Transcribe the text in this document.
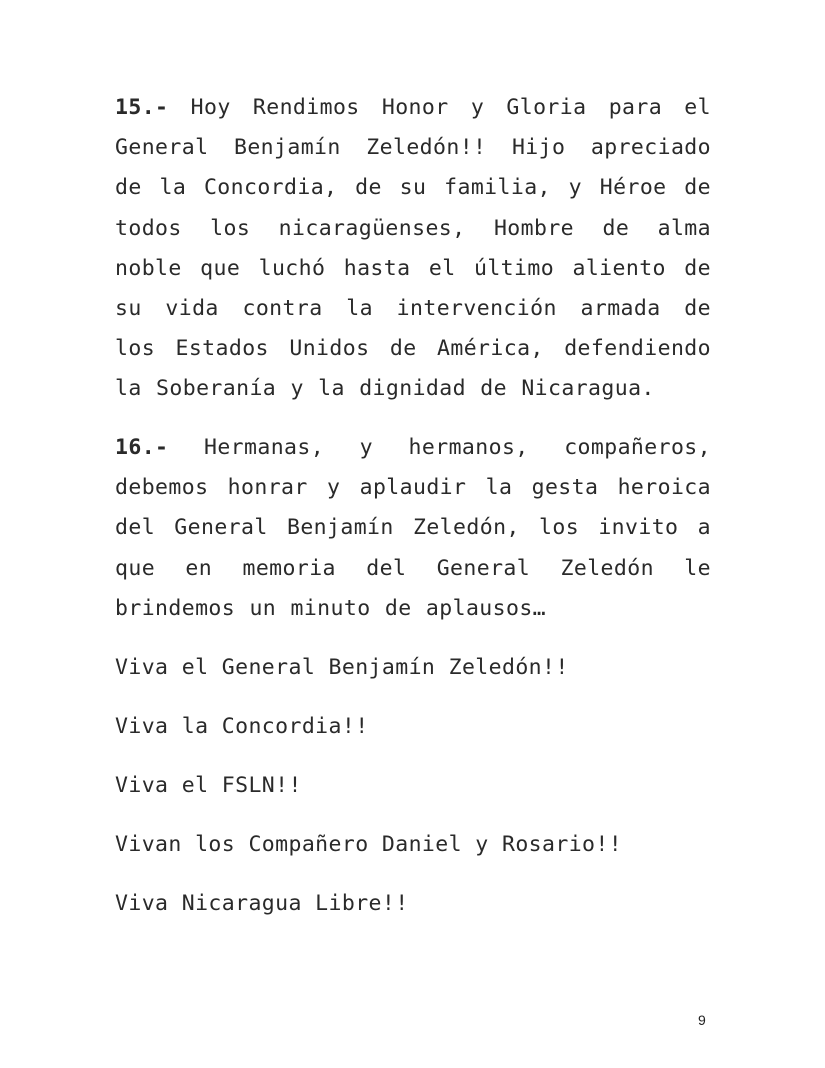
15.- Hoy Rendimos Honor y Gloria para el
General Benjamín Zeledón!! Hijo apreciado
de la Concordia, de su familia, y Héroe de
todos los nicaragüenses, Hombre de alma
noble que luchó hasta el último aliento de
su vida contra la intervención armada de
los Estados Unidos de América, defendiendo
la Soberanía y la dignidad de Nicaragua.
16.- Hermanas, y hermanos, compañeros,
debemos honrar y aplaudir la gesta heroica
del General Benjamín Zeledón, los invito a
que en memoria del General Zeledón le
brindemos un minuto de aplausos…
Viva el General Benjamín Zeledón!!
Viva la Concordia!!
Viva el FSLN!!
Vivan los Compañero Daniel y Rosario!!
Viva Nicaragua Libre!!
9
